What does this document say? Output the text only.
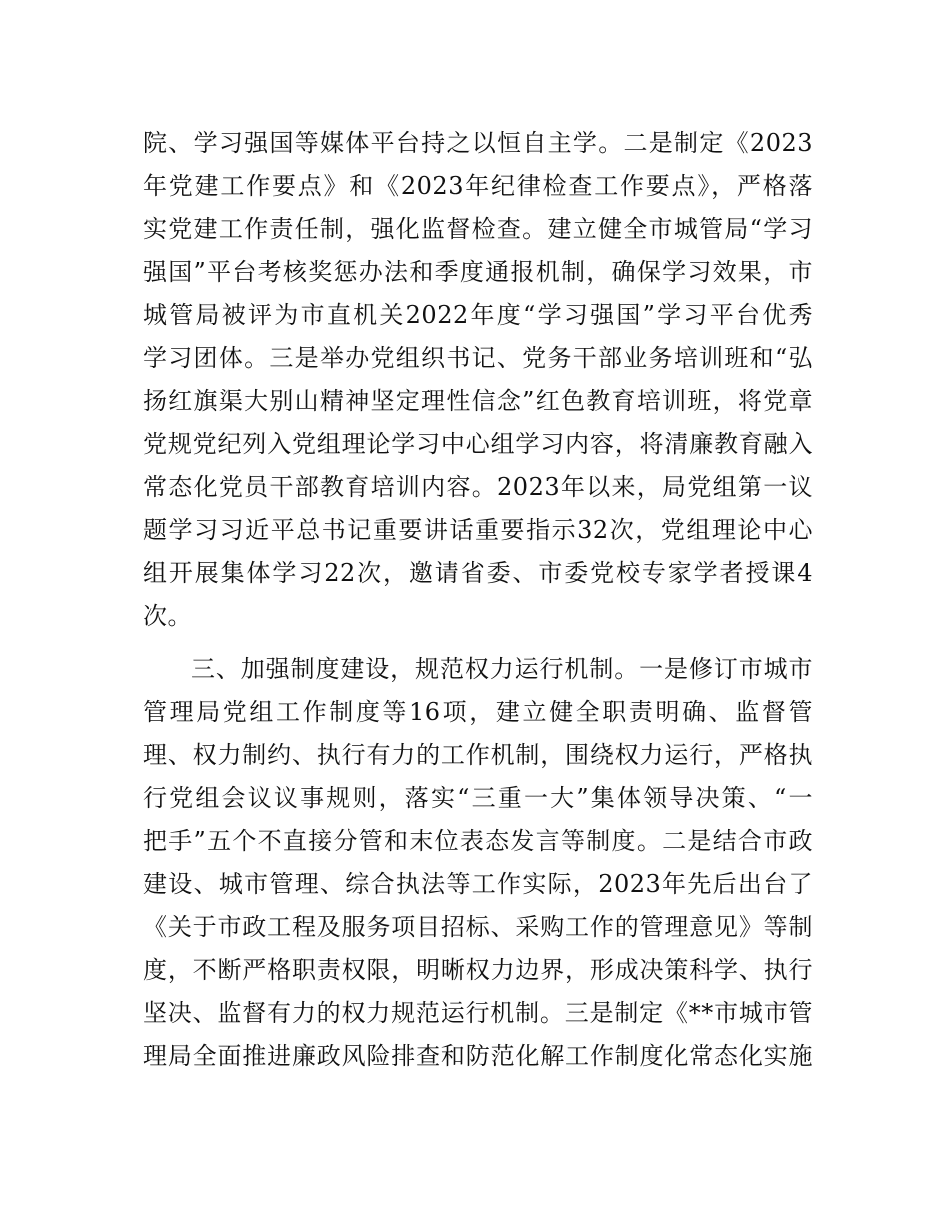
院、学习强国等媒体平台持之以恒自主学。二是制定《2023
年党建工作要点》和《2023年纪律检查工作要点》，严格落
实党建工作责任制，强化监督检查。建立健全市城管局“学习
强国”平台考核奖惩办法和季度通报机制，确保学习效果，市
城管局被评为市直机关2022年度“学习强国”学习平台优秀
学习团体。三是举办党组织书记、党务干部业务培训班和“弘
扬红旗渠大别山精神坚定理性信念”红色教育培训班，将党章
党规党纪列入党组理论学习中心组学习内容，将清廉教育融入
常态化党员干部教育培训内容。2023年以来，局党组第一议
题学习习近平总书记重要讲话重要指示32次，党组理论中心
组开展集体学习22次，邀请省委、市委党校专家学者授课4
次。
三、加强制度建设，规范权力运行机制。一是修订市城市
管理局党组工作制度等16项，建立健全职责明确、监督管
理、权力制约、执行有力的工作机制，围绕权力运行，严格执
行党组会议议事规则，落实“三重一大”集体领导决策、“一
把手”五个不直接分管和末位表态发言等制度。二是结合市政
建设、城市管理、综合执法等工作实际，2023年先后出台了
《关于市政工程及服务项目招标、采购工作的管理意见》等制
度，不断严格职责权限，明晰权力边界，形成决策科学、执行
坚决、监督有力的权力规范运行机制。三是制定《**市城市管
理局全面推进廉政风险排查和防范化解工作制度化常态化实施
